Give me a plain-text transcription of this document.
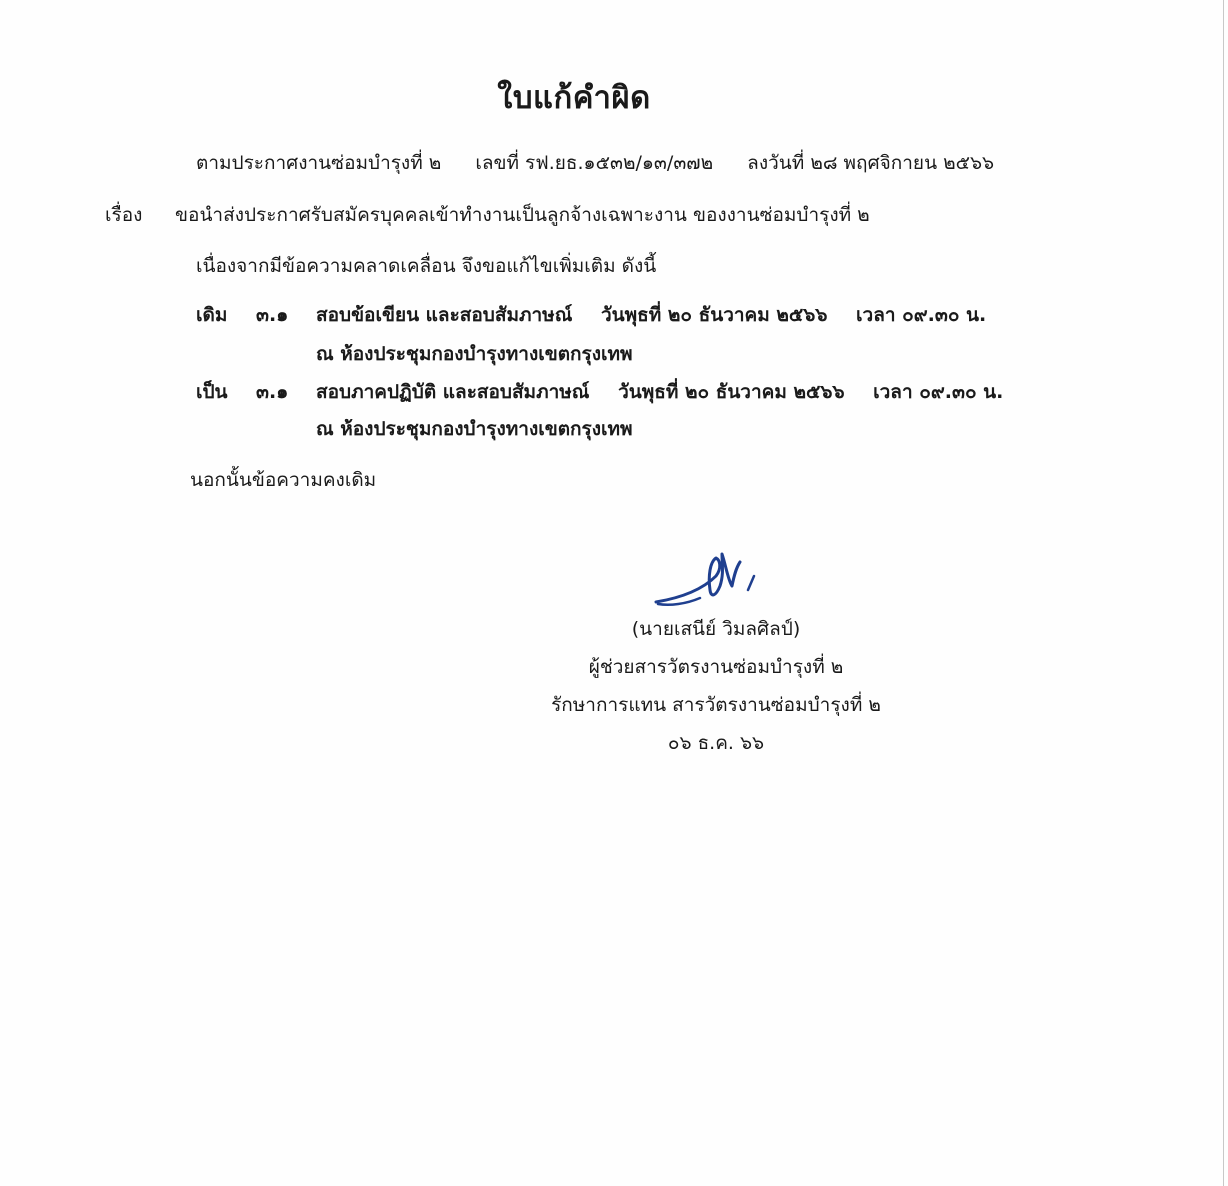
ใบแก้คำผิด
ตามประกาศงานซ่อมบำรุงที่ ๒ เลขที่ รฟ.ยธ.๑๕๓๒/๑๓/๓๗๒ ลงวันที่ ๒๘ พฤศจิกายน ๒๕๖๖
เรื่อง ขอนำส่งประกาศรับสมัครบุคคลเข้าทำงานเป็นลูกจ้างเฉพาะงาน ของงานซ่อมบำรุงที่ ๒
เนื่องจากมีข้อความคลาดเคลื่อน จึงขอแก้ไขเพิ่มเติม ดังนี้
เดิม ๓.๑ สอบข้อเขียน และสอบสัมภาษณ์ วันพุธที่ ๒๐ ธันวาคม ๒๕๖๖ เวลา ๐๙.๓๐ น.
ณ ห้องประชุมกองบำรุงทางเขตกรุงเทพ
เป็น ๓.๑ สอบภาคปฏิบัติ และสอบสัมภาษณ์ วันพุธที่ ๒๐ ธันวาคม ๒๕๖๖ เวลา ๐๙.๓๐ น.
ณ ห้องประชุมกองบำรุงทางเขตกรุงเทพ
นอกนั้นข้อความคงเดิม
(นายเสนีย์ วิมลศิลป์)
ผู้ช่วยสารวัตรงานซ่อมบำรุงที่ ๒
รักษาการแทน สารวัตรงานซ่อมบำรุงที่ ๒
๐๖ ธ.ค. ๖๖
